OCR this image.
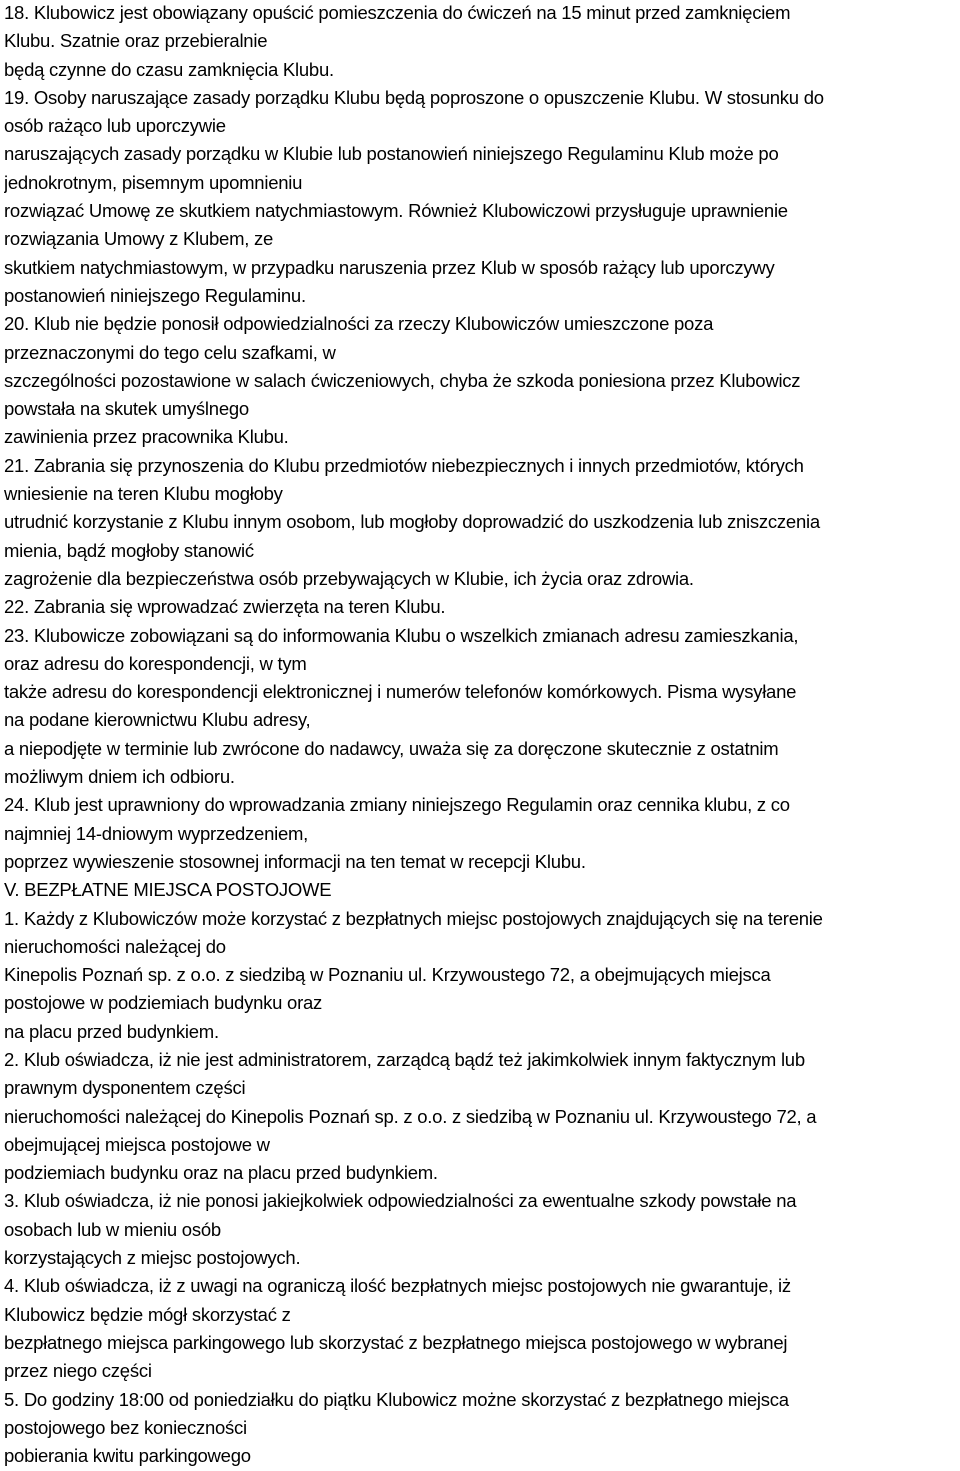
18. Klubowicz jest obowiązany opuścić pomieszczenia do ćwiczeń na 15 minut przed zamknięciem
Klubu. Szatnie oraz przebieralnie
będą czynne do czasu zamknięcia Klubu.
19. Osoby naruszające zasady porządku Klubu będą poproszone o opuszczenie Klubu. W stosunku do
osób rażąco lub uporczywie
naruszających zasady porządku w Klubie lub postanowień niniejszego Regulaminu Klub może po
jednokrotnym, pisemnym upomnieniu
rozwiązać Umowę ze skutkiem natychmiastowym. Również Klubowiczowi przysługuje uprawnienie
rozwiązania Umowy z Klubem, ze
skutkiem natychmiastowym, w przypadku naruszenia przez Klub w sposób rażący lub uporczywy
postanowień niniejszego Regulaminu.
20. Klub nie będzie ponosił odpowiedzialności za rzeczy Klubowiczów umieszczone poza
przeznaczonymi do tego celu szafkami, w
szczególności pozostawione w salach ćwiczeniowych, chyba że szkoda poniesiona przez Klubowicz
powstała na skutek umyślnego
zawinienia przez pracownika Klubu.
21. Zabrania się przynoszenia do Klubu przedmiotów niebezpiecznych i innych przedmiotów, których
wniesienie na teren Klubu mogłoby
utrudnić korzystanie z Klubu innym osobom, lub mogłoby doprowadzić do uszkodzenia lub zniszczenia
mienia, bądź mogłoby stanowić
zagrożenie dla bezpieczeństwa osób przebywających w Klubie, ich życia oraz zdrowia.
22. Zabrania się wprowadzać zwierzęta na teren Klubu.
23. Klubowicze zobowiązani są do informowania Klubu o wszelkich zmianach adresu zamieszkania,
oraz adresu do korespondencji, w tym
także adresu do korespondencji elektronicznej i numerów telefonów komórkowych. Pisma wysyłane
na podane kierownictwu Klubu adresy,
a niepodjęte w terminie lub zwrócone do nadawcy, uważa się za doręczone skutecznie z ostatnim
możliwym dniem ich odbioru.
24. Klub jest uprawniony do wprowadzania zmiany niniejszego Regulamin oraz cennika klubu, z co
najmniej 14-dniowym wyprzedzeniem,
poprzez wywieszenie stosownej informacji na ten temat w recepcji Klubu.
V. BEZPŁATNE MIEJSCA POSTOJOWE
1. Każdy z Klubowiczów może korzystać z bezpłatnych miejsc postojowych znajdujących się na terenie
nieruchomości należącej do
Kinepolis Poznań sp. z o.o. z siedzibą w Poznaniu ul. Krzywoustego 72, a obejmujących miejsca
postojowe w podziemiach budynku oraz
na placu przed budynkiem.
2. Klub oświadcza, iż nie jest administratorem, zarządcą bądź też jakimkolwiek innym faktycznym lub
prawnym dysponentem części
nieruchomości należącej do Kinepolis Poznań sp. z o.o. z siedzibą w Poznaniu ul. Krzywoustego 72, a
obejmującej miejsca postojowe w
podziemiach budynku oraz na placu przed budynkiem.
3. Klub oświadcza, iż nie ponosi jakiejkolwiek odpowiedzialności za ewentualne szkody powstałe na
osobach lub w mieniu osób
korzystających z miejsc postojowych.
4. Klub oświadcza, iż z uwagi na ograniczą ilość bezpłatnych miejsc postojowych nie gwarantuje, iż
Klubowicz będzie mógł skorzystać z
bezpłatnego miejsca parkingowego lub skorzystać z bezpłatnego miejsca postojowego w wybranej
przez niego części
5. Do godziny 18:00 od poniedziałku do piątku Klubowicz możne skorzystać z bezpłatnego miejsca
postojowego bez konieczności
pobierania kwitu parkingowego
